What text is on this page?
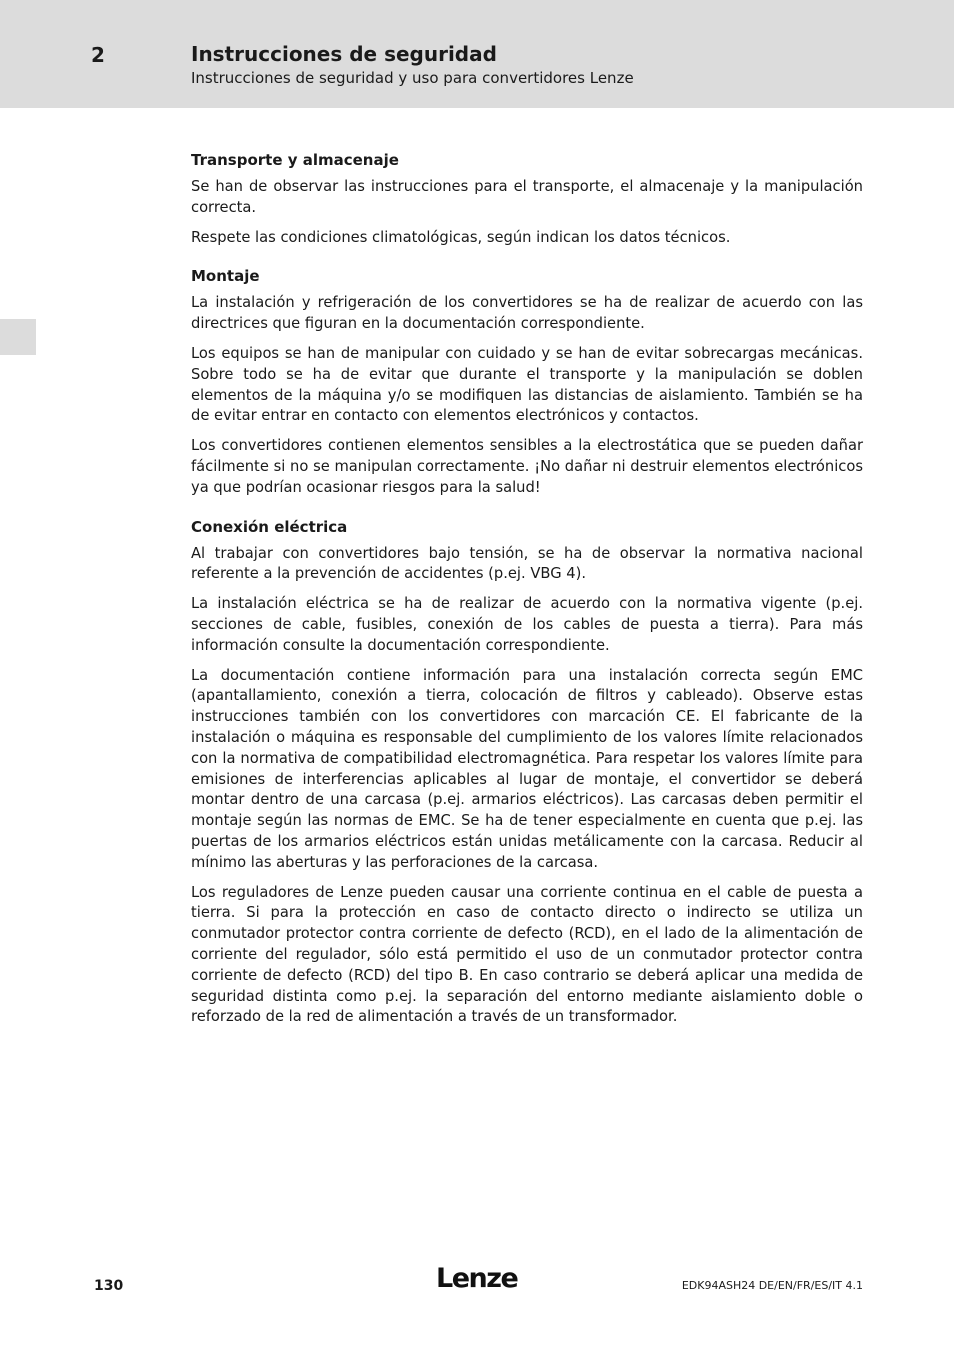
2	Instrucciones de seguridad
Instrucciones de seguridad y uso para convertidores Lenze
Transporte y almacenaje

Se han de observar las instrucciones para el transporte, el almacenaje y la manipulación correcta.

Respete las condiciones climatológicas, según indican los datos técnicos.

Montaje

La instalación y refrigeración de los convertidores se ha de realizar de acuerdo con las directrices que figuran en la documentación correspondiente.

Los equipos se han de manipular con cuidado y se han de evitar sobrecargas mecánicas. Sobre todo se ha de evitar que durante el transporte y la manipulación se doblen elementos de la máquina y/o se modifiquen las distancias de aislamiento. También se ha de evitar entrar en contacto con elementos electrónicos y contactos.

Los convertidores contienen elementos sensibles a la electrostática que se pueden dañar fácilmente si no se manipulan correctamente. ¡No dañar ni destruir elementos electrónicos ya que podrían ocasionar riesgos para la salud!

Conexión eléctrica

Al trabajar con convertidores bajo tensión, se ha de observar la normativa nacional referente a la prevención de accidentes (p.ej. VBG 4).

La instalación eléctrica se ha de realizar de acuerdo con la normativa vigente (p.ej. secciones de cable, fusibles, conexión de los cables de puesta a tierra). Para más información consulte la documentación correspondiente.

La documentación contiene información para una instalación correcta según EMC (apantallamiento, conexión a tierra, colocación de filtros y cableado). Observe estas instrucciones también con los convertidores con marcación CE. El fabricante de la instalación o máquina es responsable del cumplimiento de los valores límite relacionados con la normativa de compatibilidad electromagnética. Para respetar los valores límite para emisiones de interferencias aplicables al lugar de montaje, el convertidor se deberá montar dentro de una carcasa (p.ej. armarios eléctricos). Las carcasas deben permitir el montaje según las normas de EMC. Se ha de tener especialmente en cuenta que p.ej. las puertas de los armarios eléctricos están unidas metálicamente con la carcasa. Reducir al mínimo las aberturas y las perforaciones de la carcasa.

Los reguladores de Lenze pueden causar una corriente continua en el cable de puesta a tierra. Si para la protección en caso de contacto directo o indirecto se utiliza un conmutador protector contra corriente de defecto (RCD), en el lado de la alimentación de corriente del regulador, sólo está permitido el uso de un conmutador protector contra corriente de defecto (RCD) del tipo B. En caso contrario se deberá aplicar una medida de seguridad distinta como p.ej. la separación del entorno mediante aislamiento doble o reforzado de la red de alimentación a través de un transformador.

130	Lenze	EDK94ASH24 DE/EN/FR/ES/IT 4.1
